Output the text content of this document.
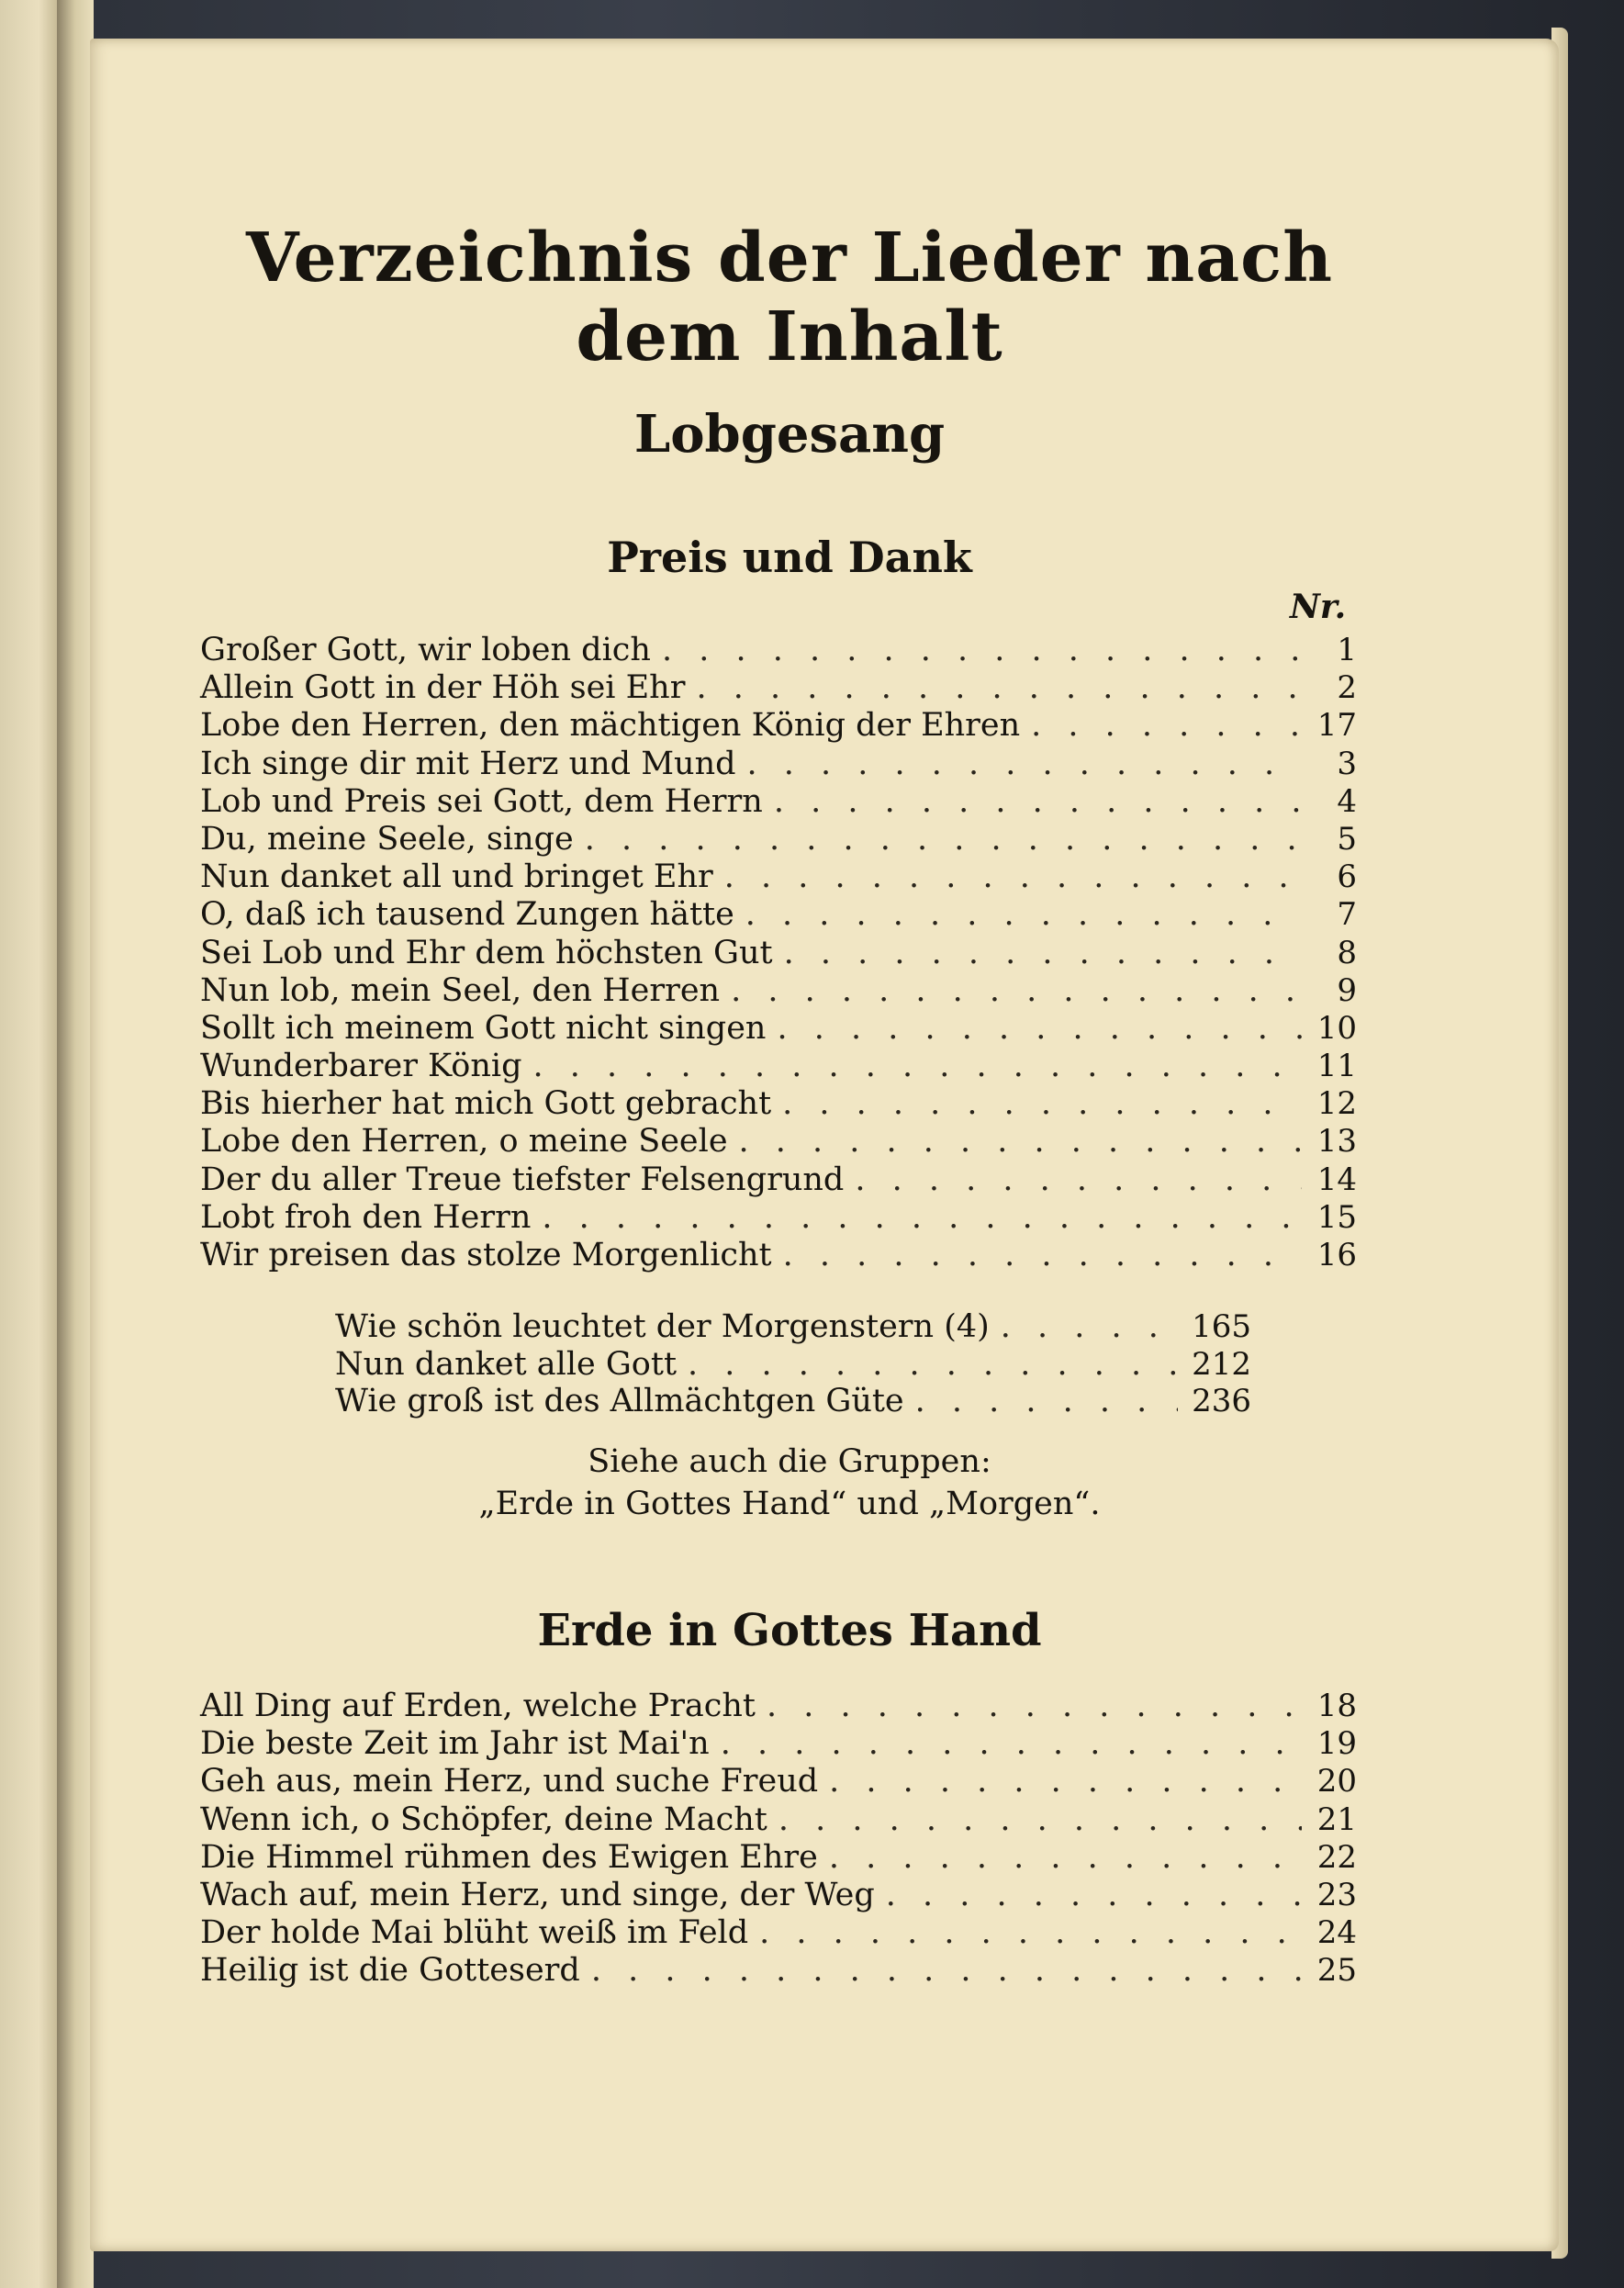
Verzeichnis der Lieder nach dem Inhalt
Lobgesang
Preis und Dank
Nr.
Großer Gott, wir loben dich . . .	1
Allein Gott in der Höh sei Ehr . . .	2
Lobe den Herren, den mächtigen König der Ehren . . .	17
Ich singe dir mit Herz und Mund . . .	3
Lob und Preis sei Gott, dem Herrn . . .	4
Du, meine Seele, singe . . .	5
Nun danket all und bringet Ehr . . .	6
O, daß ich tausend Zungen hätte . . .	7
Sei Lob und Ehr dem höchsten Gut . . .	8
Nun lob, mein Seel, den Herren . . .	9
Sollt ich meinem Gott nicht singen . . .	10
Wunderbarer König . . .	11
Bis hierher hat mich Gott gebracht . . .	12
Lobe den Herren, o meine Seele . . .	13
Der du aller Treue tiefster Felsengrund . . .	14
Lobt froh den Herrn . . .	15
Wir preisen das stolze Morgenlicht . . .	16
Wie schön leuchtet der Morgenstern (4) . . .	165
Nun danket alle Gott . . .	212
Wie groß ist des Allmächtgen Güte . . .	236
Siehe auch die Gruppen:
„Erde in Gottes Hand“ und „Morgen“.
Erde in Gottes Hand
All Ding auf Erden, welche Pracht . . .	18
Die beste Zeit im Jahr ist Mai'n . . .	19
Geh aus, mein Herz, und suche Freud . . .	20
Wenn ich, o Schöpfer, deine Macht . . .	21
Die Himmel rühmen des Ewigen Ehre . . .	22
Wach auf, mein Herz, und singe, der Weg . . .	23
Der holde Mai blüht weiß im Feld . . .	24
Heilig ist die Gotteserd . . .	25
